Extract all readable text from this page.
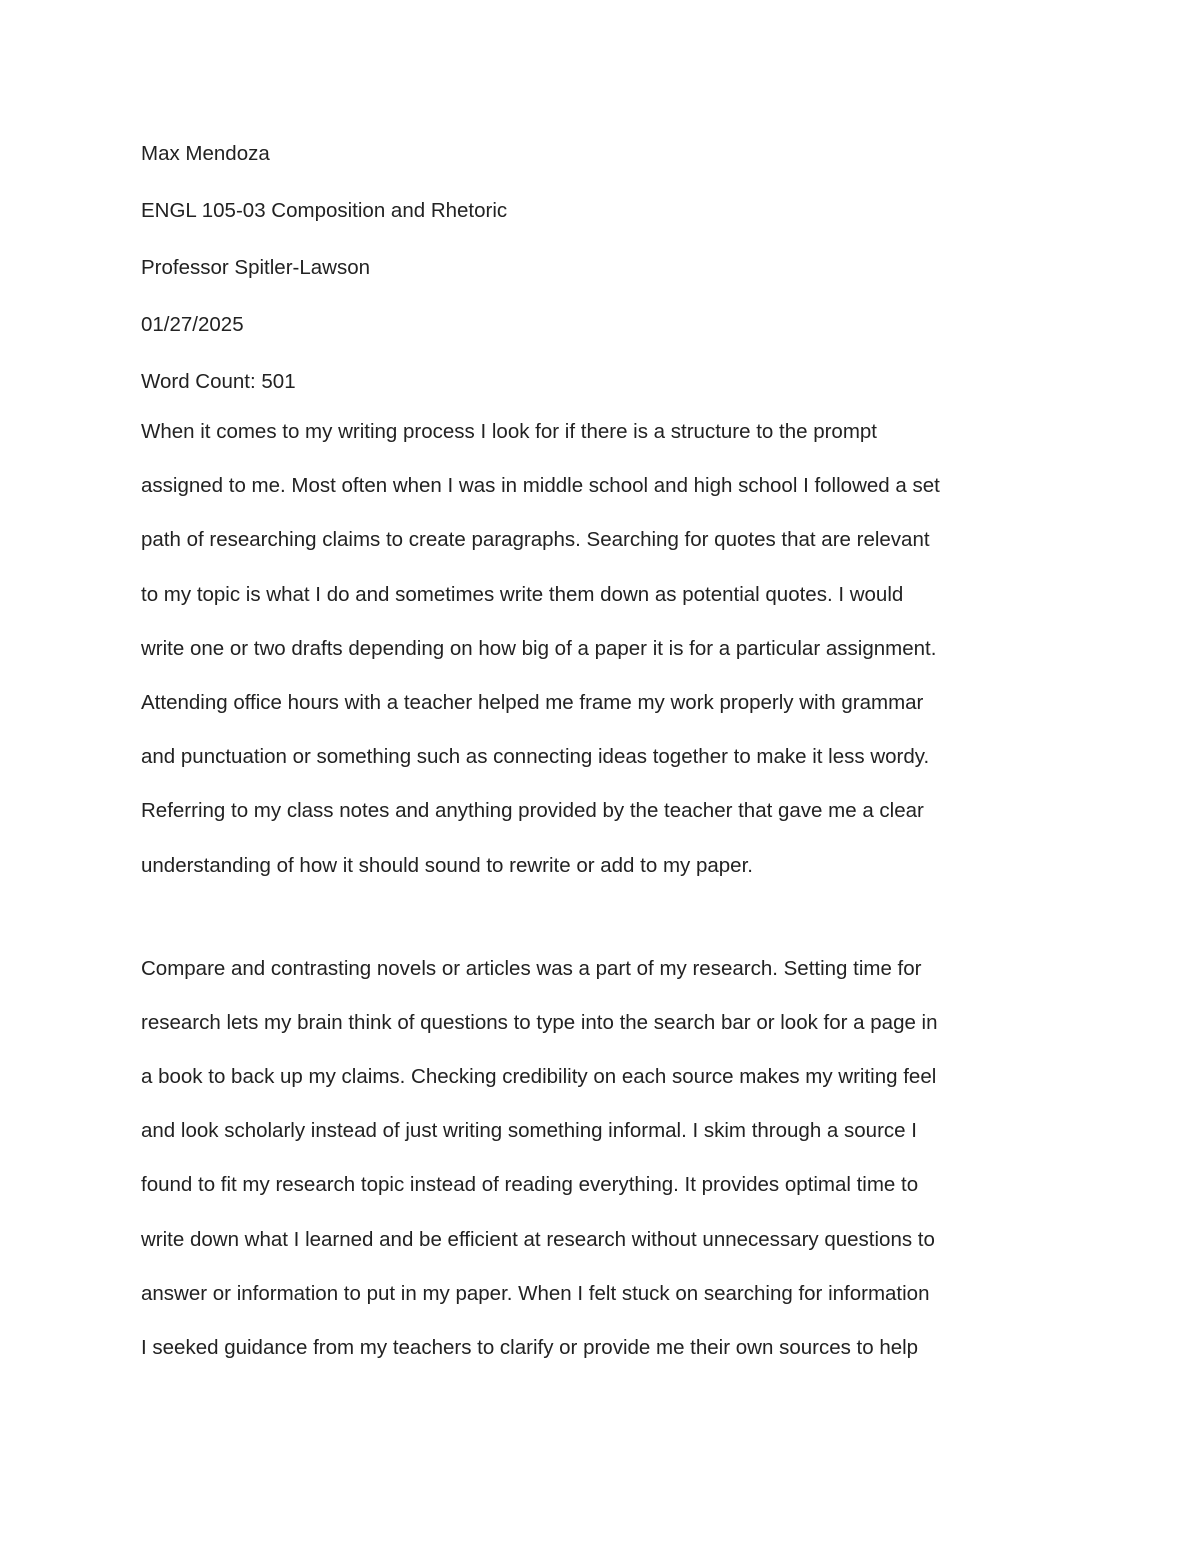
Max Mendoza
ENGL 105-03 Composition and Rhetoric
Professor Spitler-Lawson
01/27/2025
Word Count: 501
When it comes to my writing process I look for if there is a structure to the prompt
assigned to me. Most often when I was in middle school and high school I followed a set
path of researching claims to create paragraphs. Searching for quotes that are relevant
to my topic is what I do and sometimes write them down as potential quotes. I would
write one or two drafts depending on how big of a paper it is for a particular assignment.
Attending office hours with a teacher helped me frame my work properly with grammar
and punctuation or something such as connecting ideas together to make it less wordy.
Referring to my class notes and anything provided by the teacher that gave me a clear
understanding of how it should sound to rewrite or add to my paper.
Compare and contrasting novels or articles was a part of my research. Setting time for
research lets my brain think of questions to type into the search bar or look for a page in
a book to back up my claims. Checking credibility on each source makes my writing feel
and look scholarly instead of just writing something informal. I skim through a source I
found to fit my research topic instead of reading everything. It provides optimal time to
write down what I learned and be efficient at research without unnecessary questions to
answer or information to put in my paper. When I felt stuck on searching for information
I seeked guidance from my teachers to clarify or provide me their own sources to help
